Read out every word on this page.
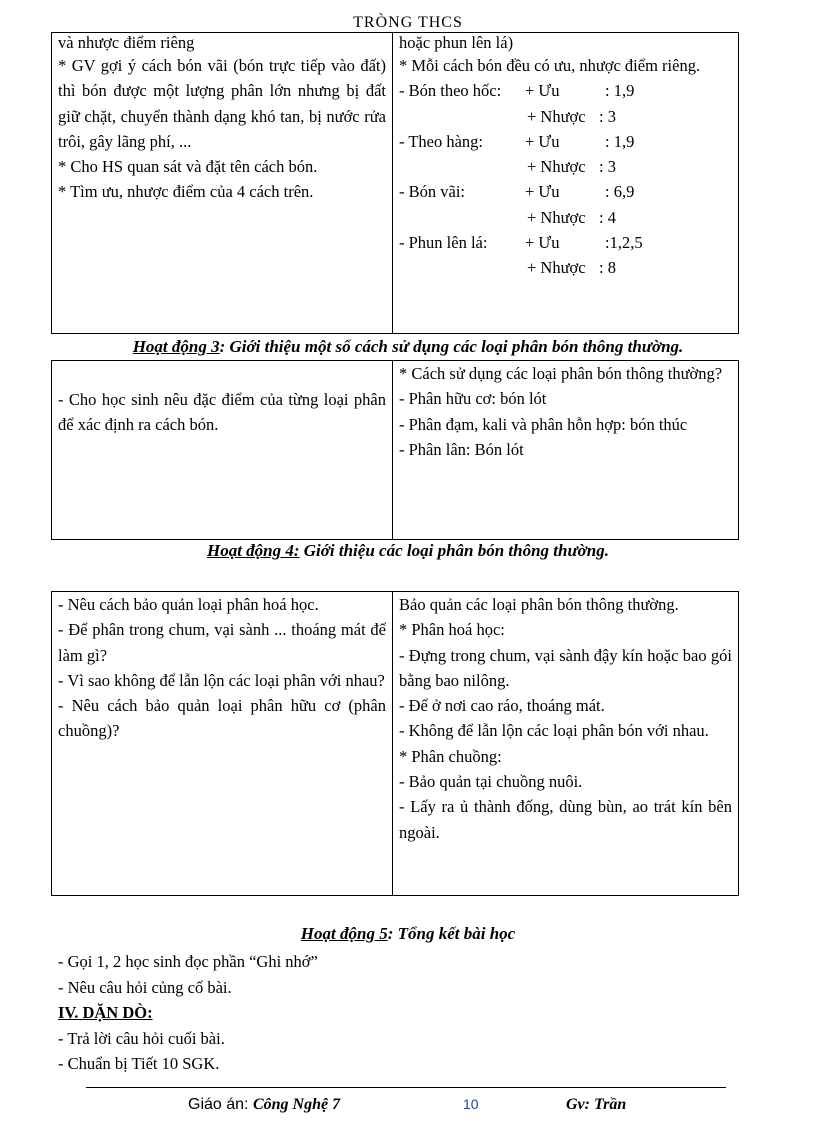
TRÒNG THCS
và nhược điểm riêng
* GV gợi ý cách bón vãi (bón trực tiếp vào đất) thì bón được một lượng phân lớn nhưng bị đất giữ chặt, chuyển thành dạng khó tan, bị nước rửa trôi, gây lãng phí, ...
* Cho HS quan sát và đặt tên cách bón.
* Tìm ưu, nhược điểm của 4 cách trên.

hoặc phun lên lá)
* Mỗi cách bón đều có ưu, nhược điểm riêng.
- Bón theo hốc: + Ưu	: 1,9
+ Nhược : 3
- Theo hàng:	+ Ưu	: 1,9
+ Nhược : 3
- Bón vãi:	+ Ưu	: 6,9
+ Nhược : 4
- Phun lên lá: + Ưu	:1,2,5
+ Nhược : 8
Hoạt động 3: Giới thiệu một số cách sử dụng các loại phân bón thông thường.
- Cho học sinh nêu đặc điểm của từng loại phân để xác định ra cách bón.

* Cách sử dụng các loại phân bón thông thường?
- Phân hữu cơ: bón lót
- Phân đạm, kali và phân hỗn hợp: bón thúc
- Phân lân: Bón lót
Hoạt động 4: Giới thiệu các loại phân bón thông thường.
- Nêu cách bảo quản loại phân hoá học.
- Để phân trong chum, vại sành ... thoáng mát để làm gì?
- Vì sao không để lẫn lộn các loại phân với nhau?
- Nêu cách bảo quản loại phân hữu cơ (phân chuồng)?

Bảo quản các loại phân bón thông thường.
* Phân hoá học:
- Đựng trong chum, vại sành đậy kín hoặc bao gói bằng bao nilông.
- Để ở nơi cao ráo, thoáng mát.
- Không để lẫn lộn các loại phân bón với nhau.
* Phân chuồng:
- Bảo quản tại chuồng nuôi.
- Lấy ra ủ thành đống, dùng bùn, ao trát kín bên ngoài.
Hoạt động 5: Tổng kết bài học
- Gọi 1, 2 học sinh đọc phần “Ghi nhớ”
- Nêu câu hỏi củng cố bài.
IV. DẶN DÒ:
- Trả lời câu hỏi cuối bài.
- Chuẩn bị Tiết 10 SGK.
Giáo án: Công Nghệ 7	10	Gv: Trần
